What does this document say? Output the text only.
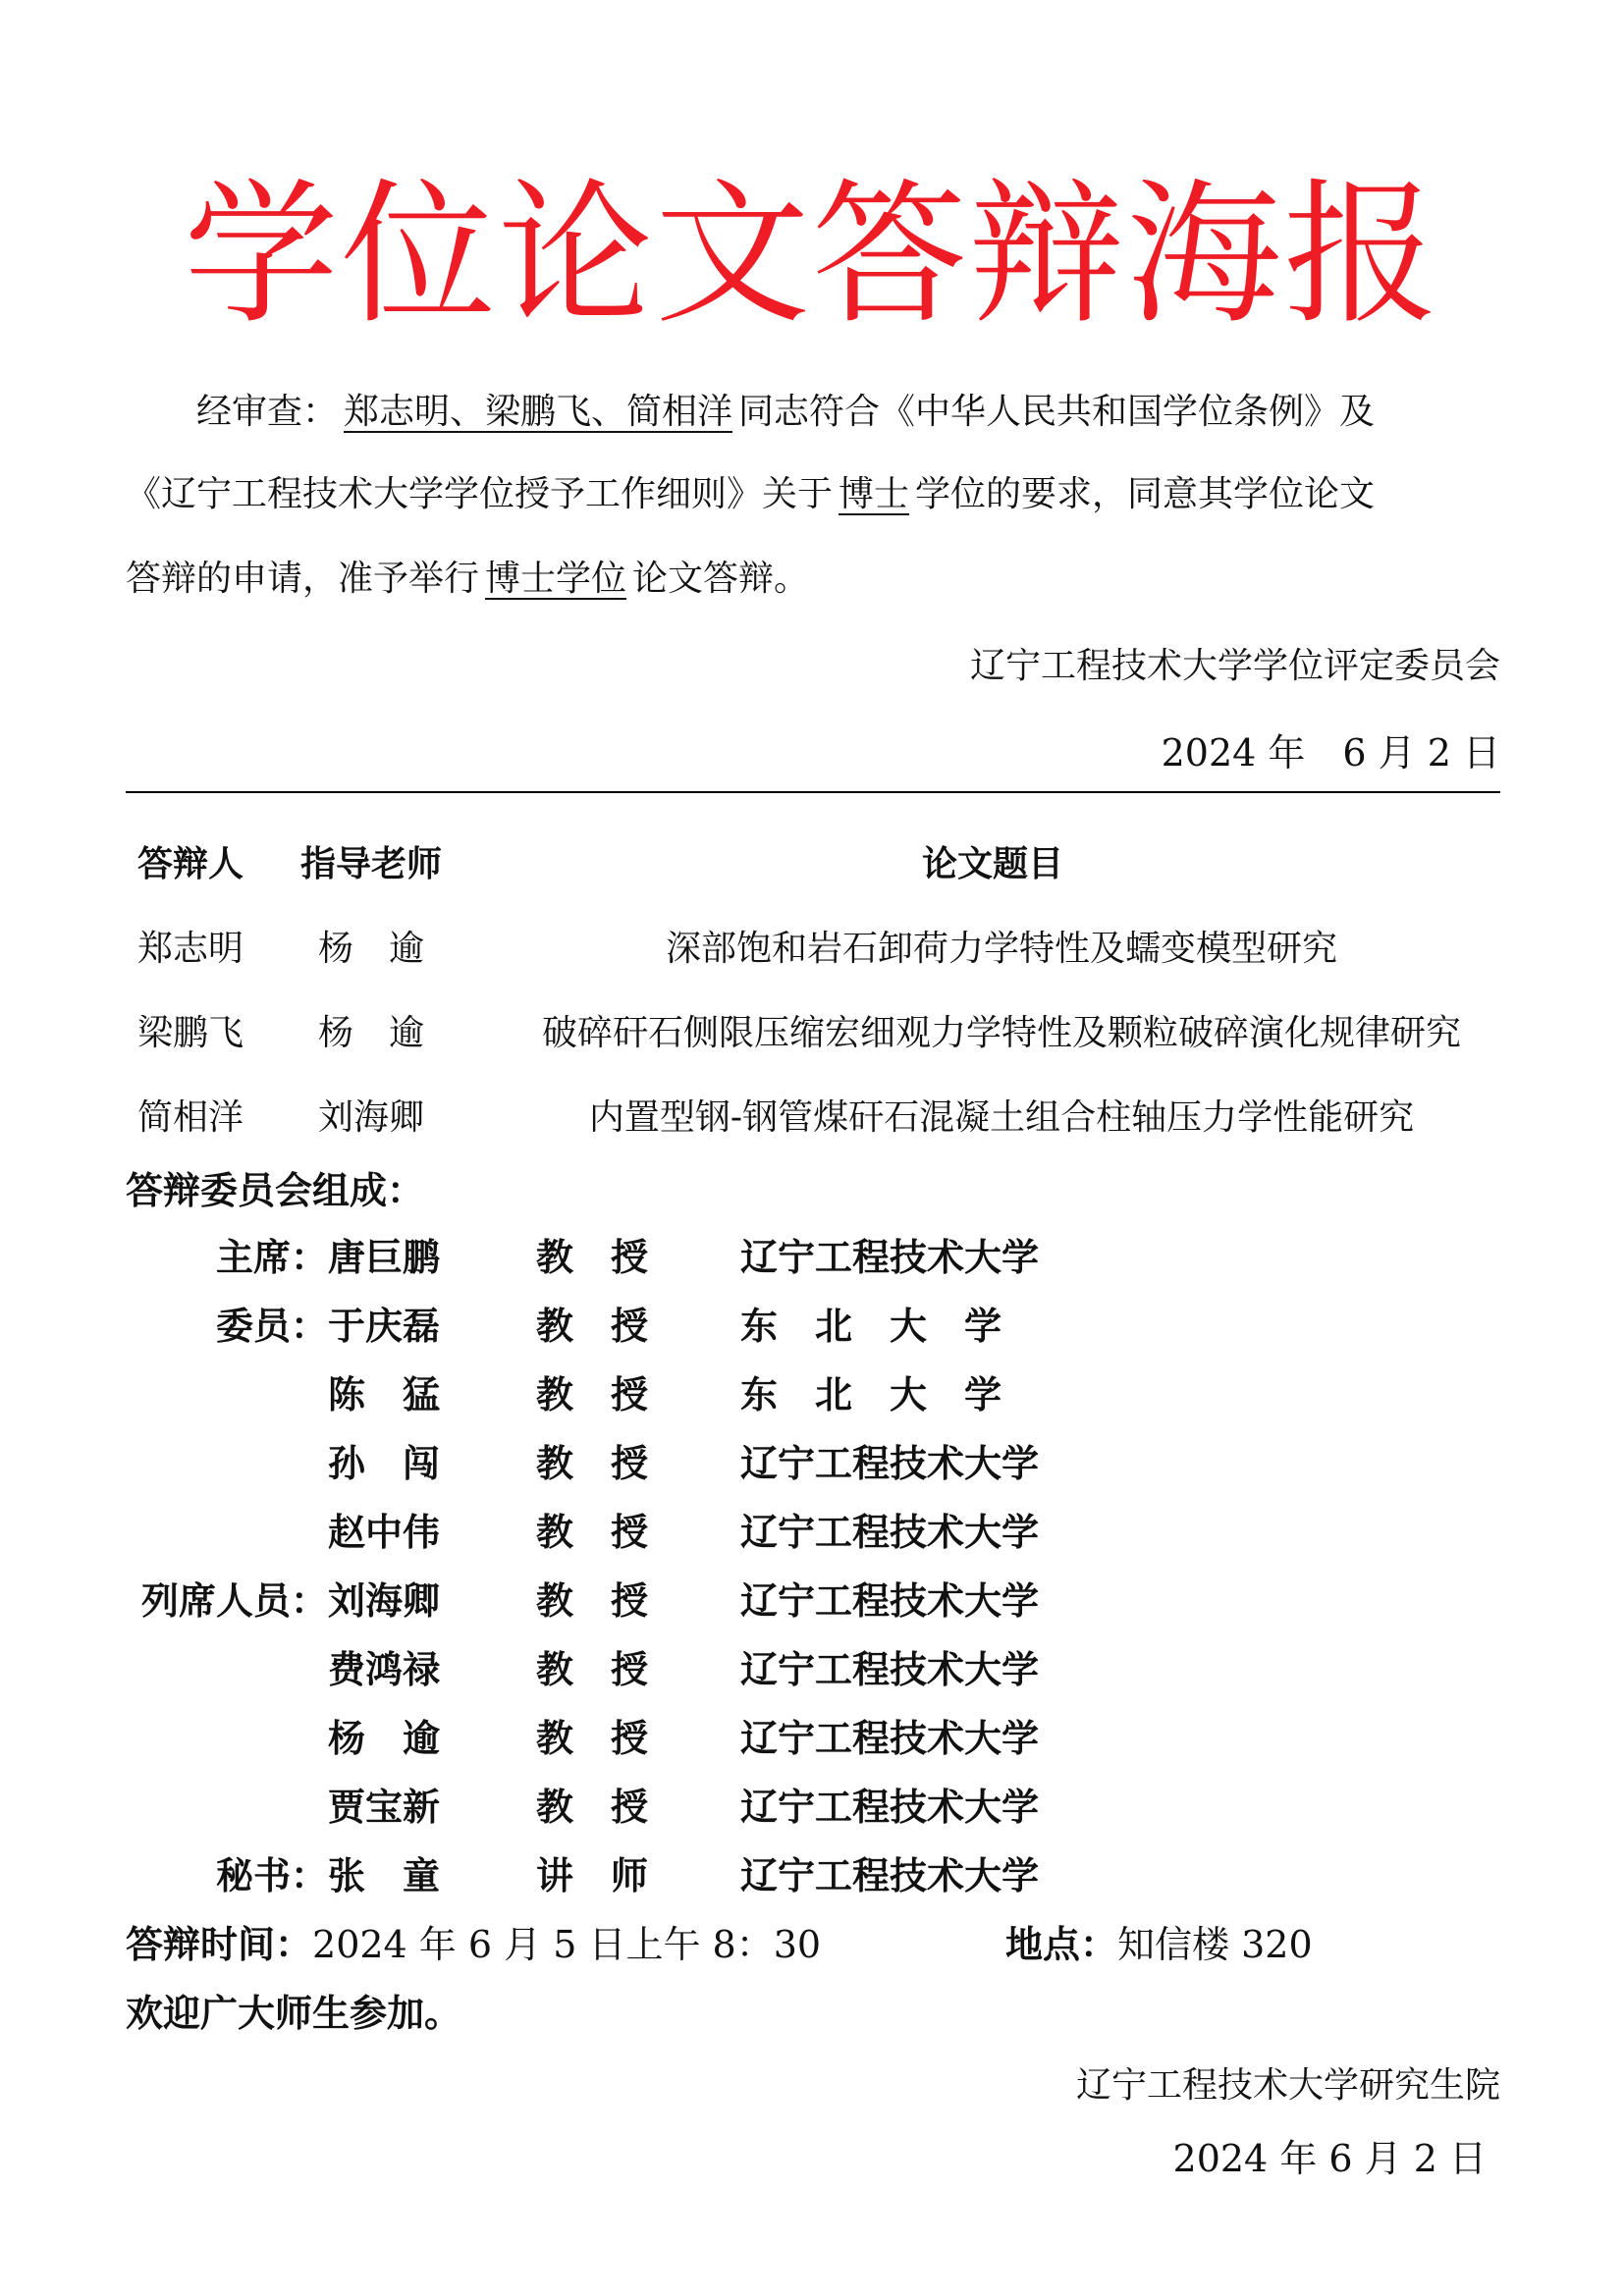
学位论文答辩海报
经审查： 郑志明、梁鹏飞、简相洋 同志符合《中华人民共和国学位条例》及
《辽宁工程技术大学学位授予工作细则》关于 博士 学位的要求，同意其学位论文
答辩的申请，准予举行 博士学位 论文答辩。
辽宁工程技术大学学位评定委员会
2024 年　6 月 2 日
答辩人 指导老师	论文题目
郑志明 杨　逾	深部饱和岩石卸荷力学特性及蠕变模型研究
梁鹏飞 杨　逾	破碎矸石侧限压缩宏细观力学特性及颗粒破碎演化规律研究
简相洋 刘海卿	内置型钢-钢管煤矸石混凝土组合柱轴压力学性能研究
答辩委员会组成：
主席： 唐巨鹏	教　授 辽宁工程技术大学
委员： 于庆磊	教　授 东　北　大　学
陈　猛	教　授 东　北　大　学
孙　闯	教　授 辽宁工程技术大学
赵中伟	教　授 辽宁工程技术大学
列席人员： 刘海卿	教　授 辽宁工程技术大学
费鸿禄	教　授 辽宁工程技术大学
杨　逾	教　授 辽宁工程技术大学
贾宝新	教　授 辽宁工程技术大学
秘书： 张　童	讲　师 辽宁工程技术大学
答辩时间：2024 年 6 月 5 日上午 8：30	地点：知信楼 320
欢迎广大师生参加。
辽宁工程技术大学研究生院
2024 年 6 月 2 日
